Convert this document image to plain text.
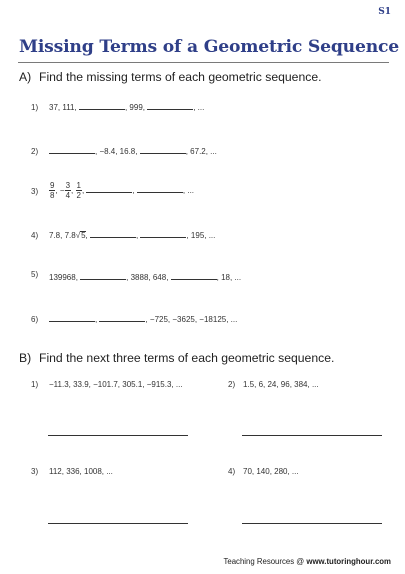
S1
Missing Terms of a Geometric Sequence
A) Find the missing terms of each geometric sequence.
1) 37, 111,	, 999,	, ...
2)	, −8.4, 16.8,	, 67.2, ...
$3) \frac{9}{8}$ , − $\frac{3}{4}$ , $\frac{1}{2}$ ,	,	, ...
4) 7.8, 7.8√5,	,	, 195, ...
5) 139968,	, 3888, 648,	, 18, ...
6)	,	, −725, −3625, −18125, ...
B) Find the next three terms of each geometric sequence.
1) −11.3, 33.9, −101.7, 305.1, −915.3, ...	2) 1.5, 6, 24, 96, 384, ...
3) 112, 336, 1008, ...	4) 70, 140, 280, ...
Teaching Resources @ www.tutoringhour.com
